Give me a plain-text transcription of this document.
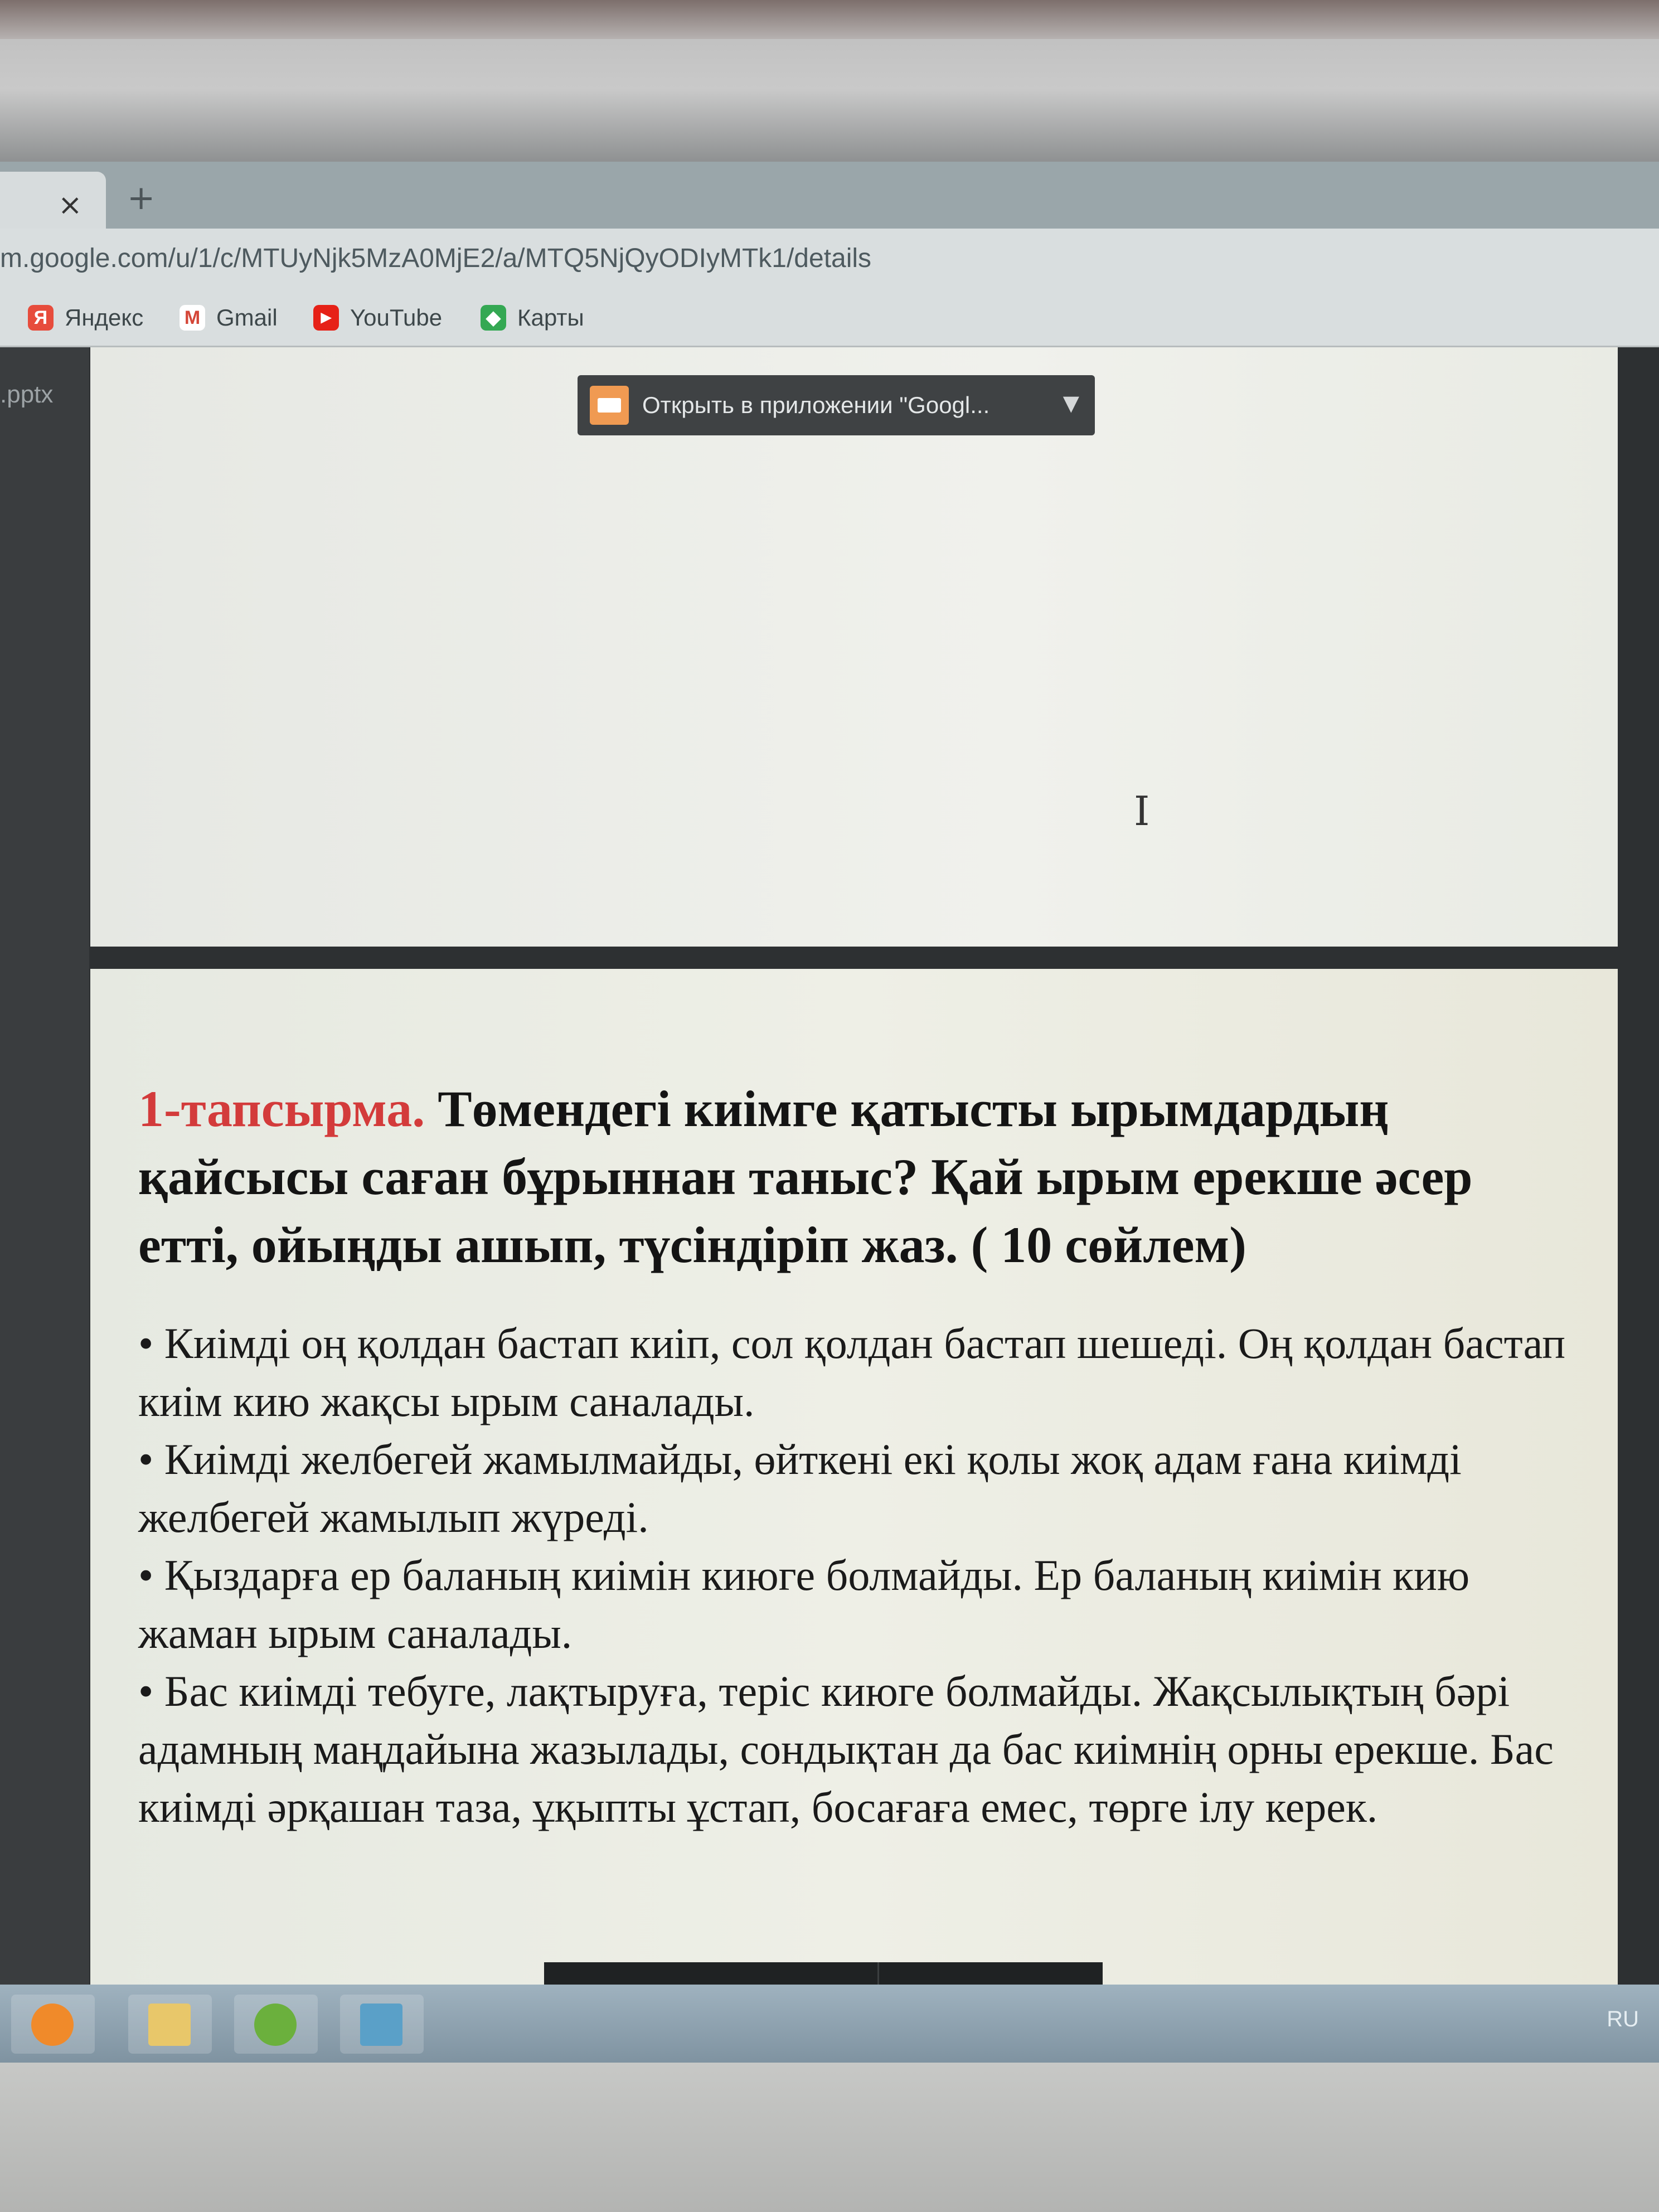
× +
m.google.com/u/1/c/MTUyNjk5MzA0MjE2/a/MTQ5NjQyODIyMTk1/details
Я Яндекс M Gmail	▶ YouTube ◆ Карты
.pptx
I
Открыть в приложении "Googl...	▼
1-тапсырма. Төмендегі киімге қатысты ырымдардың қайсысы саған бұрыннан таныс? Қай ырым ерекше әсер етті, ойыңды ашып, түсіндіріп жаз. ( 10 сөйлем)

• Киімді оң қолдан бастап киіп, сол қолдан бастап шешеді. Оң қолдан бастап киім кию жақсы ырым саналады.

• Киімді желбегей жамылмайды, өйткені екі қолы жоқ адам ғана киімді желбегей жамылып жүреді.

• Қыздарға ер баланың киімін киюге болмайды. Ер баланың киімін кию жаман ырым саналады.

• Бас киімді тебуге, лақтыруға, теріс киюге болмайды. Жақсылықтың бәрі адамның маңдайына жазылады, сондықтан да бас киімнің орны ерекше. Бас киімді әрқашан таза, ұқыпты ұстап, босағаға емес, төрге ілу керек.

RU
